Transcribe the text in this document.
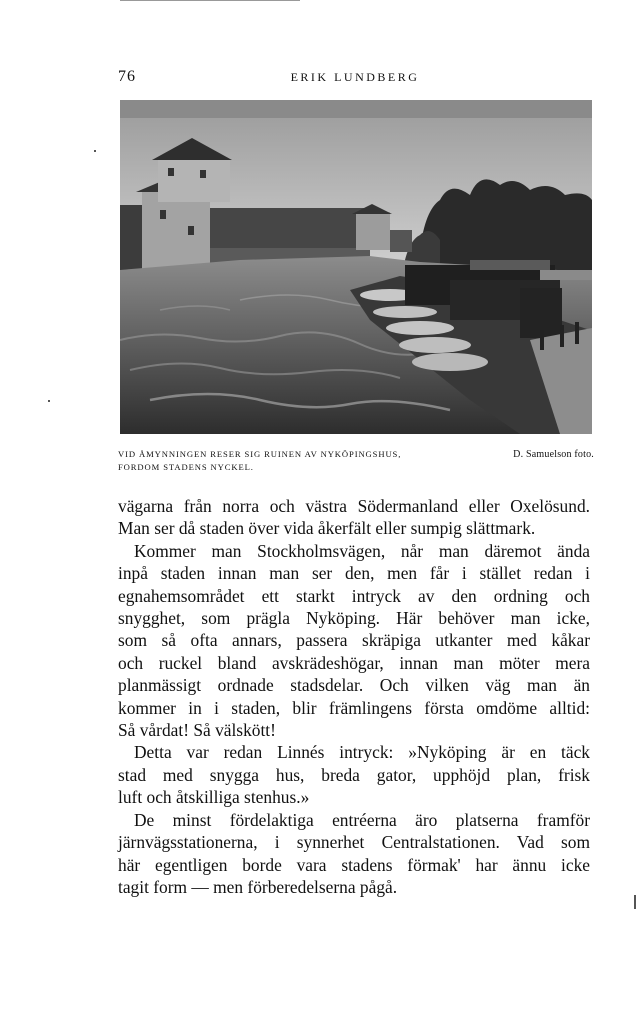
76	ERIK LUNDBERG
VID ÅMYNNINGEN RESER SIG RUINEN AV NYKÖPINGSHUS,
FORDOM STADENS NYCKEL.
D. Samuelson foto.
vägarna från norra och västra Södermanland eller Oxelösund.
Man ser då staden över vida åkerfält eller sumpig slättmark.
Kommer man Stockholmsvägen, når man däremot ända
inpå staden innan man ser den, men får i stället redan i
egnahemsområdet ett starkt intryck av den ordning och
snygghet, som prägla Nyköping. Här behöver man icke,
som så ofta annars, passera skräpiga utkanter med kåkar
och ruckel bland avskrädeshögar, innan man möter mera
planmässigt ordnade stadsdelar. Och vilken väg man än
kommer in i staden, blir främlingens första omdöme alltid:
Så vårdat! Så välskött!
Detta var redan Linnés intryck: »Nyköping är en täck
stad med snygga hus, breda gator, upphöjd plan, frisk
luft och åtskilliga stenhus.»
De minst fördelaktiga entréerna äro platserna framför
järnvägsstationerna, i synnerhet Centralstationen. Vad som
här egentligen borde vara stadens förmak' har ännu icke
tagit form — men förberedelserna pågå.
